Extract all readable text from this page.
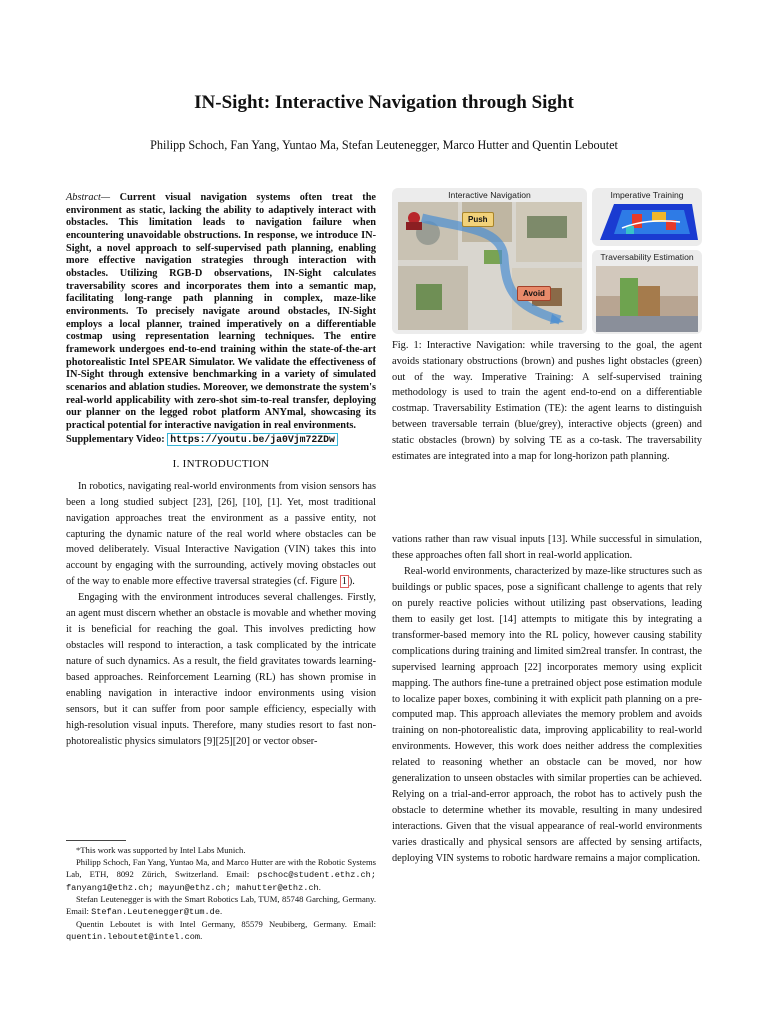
IN-Sight: Interactive Navigation through Sight
Philipp Schoch, Fan Yang, Yuntao Ma, Stefan Leutenegger, Marco Hutter and Quentin Leboutet

Abstract— Current visual navigation systems often treat the environment as static, lacking the ability to adaptively interact with obstacles. This limitation leads to navigation failure when encountering unavoidable obstructions. In response, we introduce IN-Sight, a novel approach to self-supervised path planning, enabling more effective navigation strategies through interaction with obstacles. Utilizing RGB-D observations, IN-Sight calculates traversability scores and incorporates them into a semantic map, facilitating long-range path planning in complex, maze-like environments. To precisely navigate around obstacles, IN-Sight employs a local planner, trained imperatively on a differentiable costmap using representation learning techniques. The entire framework undergoes end-to-end training within the state-of-the-art photorealistic Intel SPEAR Simulator. We validate the effectiveness of IN-Sight through extensive benchmarking in a variety of simulated scenarios and ablation studies. Moreover, we demonstrate the system's real-world applicability with zero-shot sim-to-real transfer, deploying our planner on the legged robot platform ANYmal, showcasing its practical potential for interactive navigation in real environments.

Supplementary Video: https://youtu.be/ja0Vjm72ZDw
I. INTRODUCTION

In robotics, navigating real-world environments from vision sensors has been a long studied subject [23], [26], [10], [1]. Yet, most traditional navigation approaches treat the environment as a passive entity, not capturing the dynamic nature of the real world where obstacles can be moved deliberately. Visual Interactive Navigation (VIN) takes this into account by engaging with the surrounding, actively moving obstacles out of the way to enable more effective traversal strategies (cf. Figure 1 ).

Engaging with the environment introduces several challenges. Firstly, an agent must discern whether an obstacle is movable and whether moving it is beneficial for reaching the goal. This involves predicting how obstacles will respond to interaction, a task complicated by the intricate nature of such dynamics. As a result, the field gravitates towards learning-based approaches. Reinforcement Learning (RL) has shown promise in enabling navigation in interactive indoor environments using vision sensors, but it can suffer from poor sample efficiency, especially with high-resolution visual inputs. Therefore, many studies resort to fast non-photorealistic physics simulators [9][25][20] or vector obser-

*This work was supported by Intel Labs Munich.

Philipp Schoch, Fan Yang, Yuntao Ma, and Marco Hutter are with the Robotic Systems Lab, ETH, 8092 Zürich, Switzerland. Email: pschoc@student.ethz.ch; fanyang1@ethz.ch; mayun@ethz.ch; mahutter@ethz.ch.

Stefan Leutenegger is with the Smart Robotics Lab, TUM, 85748 Garching, Germany. Email: Stefan.Leutenegger@tum.de.

Quentin Leboutet is with Intel Germany, 85579 Neubiberg, Germany. Email: quentin.leboutet@intel.com.

Interactive Navigation
Push
Avoid
Imperative Training
Traversability Estimation
Fig. 1: Interactive Navigation: while traversing to the goal, the agent avoids stationary obstructions (brown) and pushes light obstacles (green) out of the way. Imperative Training: A self-supervised training methodology is used to train the agent end-to-end on a differentiable costmap. Traversability Estimation (TE): the agent learns to distinguish between traversable terrain (blue/grey), interactive objects (green) and static obstacles (brown) by solving TE as a co-task. The traversability estimates are integrated into a map for long-horizon path planning.

vations rather than raw visual inputs [13]. While successful in simulation, these approaches often fall short in real-world application.

Real-world environments, characterized by maze-like structures such as buildings or public spaces, pose a significant challenge to agents that rely on purely reactive policies without utilizing past observations, leading them to easily get lost. [14] attempts to mitigate this by integrating a transformer-based memory into the RL policy, however causing stability complications during training and limited sim2real transfer. In contrast, the supervised learning approach [22] incorporates memory using explicit mapping. The authors fine-tune a pretrained object pose estimation module to localize paper boxes, combining it with explicit path planning on a pre-computed map. This approach alleviates the memory problem and avoids training on non-photorealistic data, improving applicability to real-world environments. However, this work does neither address the complexities related to reasoning whether an obstacle can be moved, nor how generalization to unseen obstacles with similar properties can be achieved. Relying on a trial-and-error approach, the robot has to actively push the obstacle to determine whether its movable, resulting in many undesired interactions. Given that the visual appearance of real-world environments varies drastically and physical sensors are affected by sensing artifacts, deploying VIN systems to robotic hardware remains a major complication.
